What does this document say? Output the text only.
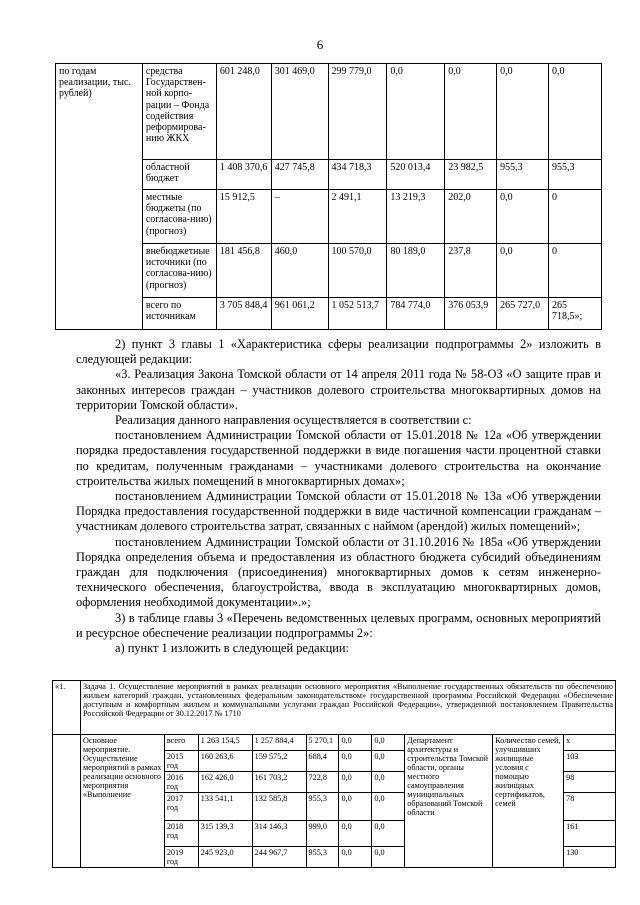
6
по годам реализации, тыс. рублей)	средства Государствен-ной корпо-рации – Фонда содействия реформирова-нию ЖКХ	601 248,0	301 469,0	299 779,0	0,0	0,0	0,0	0,0
	областной бюджет	1 408 370,6	427 745,8	434 718,3	520 013,4	23 982,5	955,3	955,3
	местные бюджеты (по согласова-нию) (прогноз)	15 912,5	–	2 491,1	13 219,3	202,0	0,0	0
	внебюджетные источники (по согласова-нию) (прогноз)	181 456,8	460,0	100 570,0	80 189,0	237,8	0,0	0
	всего по источникам	3 705 848,4	961 061,2	1 052 513,7	784 774,0	376 053,9	265 727,0	265 718,5»;

2) пункт 3 главы 1 «Характеристика сферы реализации подпрограммы 2» изложить в следующей редакции:

«3. Реализация Закона Томской области от 14 апреля 2011 года № 58-ОЗ «О защите прав и законных интересов граждан – участников долевого строительства многоквартирных домов на территории Томской области».

Реализация данного направления осуществляется в соответствии с:

постановлением Администрации Томской области от 15.01.2018 № 12а «Об утверждении порядка предоставления государственной поддержки в виде погашения части процентной ставки по кредитам, полученным гражданами – участниками долевого строительства на окончание строительства жилых помещений в многоквартирных домах»;

постановлением Администрации Томской области от 15.01.2018 № 13а «Об утверждении Порядка предоставления государственной поддержки в виде частичной компенсации гражданам – участникам долевого строительства затрат, связанных с наймом (арендой) жилых помещений»;

постановлением Администрации Томской области от 31.10.2016 № 185а «Об утверждении Порядка определения объема и предоставления из областного бюджета субсидий объединениям граждан для подключения (присоединения) многоквартирных домов к сетям инженерно-технического обеспечения, благоустройства, ввода в эксплуатацию многоквартирных домов, оформления необходимой документации».»;

3) в таблице главы 3 «Перечень ведомственных целевых программ, основных мероприятий и ресурсное обеспечение реализации подпрограммы 2»:

а) пункт 1 изложить в следующей редакции:

«1.	Задача 1. Осуществление мероприятий в рамках реализации основного мероприятия «Выполнение государственных обязательств по обеспечению жильем категорий граждан, установленных федеральным законодательством» государственной программы Российской Федерации «Обеспечение доступным и комфортным жильем и коммунальными услугами граждан Российской Федерации», утвержденной постановлением Правительства Российской Федерации от 30.12.2017 № 1710									
	Основное мероприятие. Осуществление мероприятий в рамках реализации основного мероприятия «Выполнение	всего	1 263 154,5	1 257 884,4	5 270,1	0,0	0,0	Департамент архитектуры и строительства Томской области, органы местного самоуправления муниципальных образований Томской области	Количество семей, улучшивших жилищные условия с помощью жилищных сертификатов, семей	х
		2015 год	160 263,6	159 575,2	688,4	0,0	0,0			103
		2016 год	162 426,0	161 703,2	722,8	0,0	0,0			98
		2017 год	133 541,1	132 585,8	955,3	0,0	0,0			78
		2018 год	315 139,3	314 146,3	999,0	0,0	0,0			161
		2019 год	245 923,0	244 967,7	955,3	0,0	0,0			130
